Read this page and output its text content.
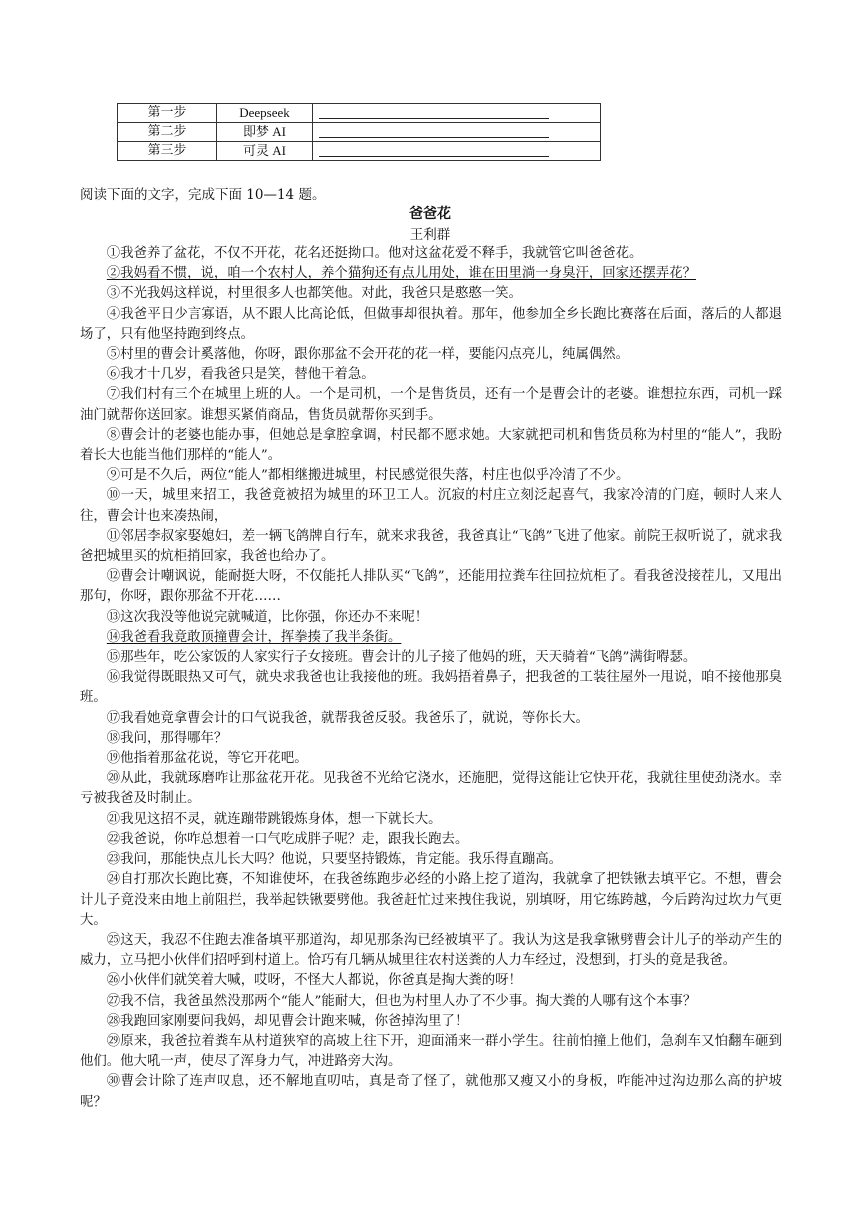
第一步	Deepseek	
第二步	即梦 AI	
第三步	可灵 AI	
阅读下面的文字，完成下面 10—14 题。
爸爸花
王利群

①我爸养了盆花，不仅不开花，花名还挺拗口。他对这盆花爱不释手，我就管它叫爸爸花。

②我妈看不惯，说，咱一个农村人，养个猫狗还有点儿用处，谁在田里淌一身臭汗，回家还摆弄花？

③不光我妈这样说，村里很多人也都笑他。对此，我爸只是憨憨一笑。

④我爸平日少言寡语，从不跟人比高论低，但做事却很执着。那年，他参加全乡长跑比赛落在后面，落后的人都退场了，只有他坚持跑到终点。

⑤村里的曹会计奚落他，你呀，跟你那盆不会开花的花一样，要能闪点亮儿，纯属偶然。

⑥我才十几岁，看我爸只是笑，替他干着急。

⑦我们村有三个在城里上班的人。一个是司机，一个是售货员，还有一个是曹会计的老婆。谁想拉东西，司机一踩油门就帮你送回家。谁想买紧俏商品，售货员就帮你买到手。

⑧曹会计的老婆也能办事，但她总是拿腔拿调，村民都不愿求她。大家就把司机和售货员称为村里的“能人”，我盼着长大也能当他们那样的“能人”。

⑨可是不久后，两位“能人”都相继搬进城里，村民感觉很失落，村庄也似乎冷清了不少。

⑩一天，城里来招工，我爸竟被招为城里的环卫工人。沉寂的村庄立刻泛起喜气，我家冷清的门庭，顿时人来人往，曹会计也来凑热闹，

⑪邻居李叔家娶媳妇，差一辆飞鸽牌自行车，就来求我爸，我爸真让“飞鸽”飞进了他家。前院王叔听说了，就求我爸把城里买的炕柜捎回家，我爸也给办了。

⑫曹会计嘲讽说，能耐挺大呀，不仅能托人排队买“飞鸽”，还能用拉粪车往回拉炕柜了。看我爸没接茬儿，又甩出那句，你呀，跟你那盆不开花……

⑬这次我没等他说完就喊道，比你强，你还办不来呢！

⑭我爸看我竟敢顶撞曹会计，挥拳揍了我半条街。

⑮那些年，吃公家饭的人家实行子女接班。曹会计的儿子接了他妈的班，天天骑着“飞鸽”满街嘚瑟。

⑯我觉得既眼热又可气，就央求我爸也让我接他的班。我妈捂着鼻子，把我爸的工装往屋外一甩说，咱不接他那臭班。

⑰我看她竟拿曹会计的口气说我爸，就帮我爸反驳。我爸乐了，就说，等你长大。

⑱我问，那得哪年？

⑲他指着那盆花说，等它开花吧。

⑳从此，我就琢磨咋让那盆花开花。见我爸不光给它浇水，还施肥，觉得这能让它快开花，我就往里使劲浇水。幸亏被我爸及时制止。

㉑我见这招不灵，就连蹦带跳锻炼身体，想一下就长大。

㉒我爸说，你咋总想着一口气吃成胖子呢？走，跟我长跑去。

㉓我问，那能快点儿长大吗？他说，只要坚持锻炼，肯定能。我乐得直蹦高。

㉔自打那次长跑比赛，不知谁使坏，在我爸练跑步必经的小路上挖了道沟，我就拿了把铁锹去填平它。不想，曹会计儿子竟没来由地上前阻拦，我举起铁锹要劈他。我爸赶忙过来拽住我说，别填呀，用它练跨越，今后跨沟过坎力气更大。

㉕这天，我忍不住跑去准备填平那道沟，却见那条沟已经被填平了。我认为这是我拿锹劈曹会计儿子的举动产生的威力，立马把小伙伴们招呼到村道上。恰巧有几辆从城里往农村送粪的人力车经过，没想到，打头的竟是我爸。

㉖小伙伴们就笑着大喊，哎呀，不怪大人都说，你爸真是掏大粪的呀！

㉗我不信，我爸虽然没那两个“能人”能耐大，但也为村里人办了不少事。掏大粪的人哪有这个本事？

㉘我跑回家刚要问我妈，却见曹会计跑来喊，你爸掉沟里了！

㉙原来，我爸拉着粪车从村道狭窄的高坡上往下开，迎面涌来一群小学生。往前怕撞上他们，急刹车又怕翻车砸到他们。他大吼一声，使尽了浑身力气，冲进路旁大沟。

㉚曹会计除了连声叹息，还不解地直叨咕，真是奇了怪了，就他那又瘦又小的身板，咋能冲过沟边那么高的护坡呢？
